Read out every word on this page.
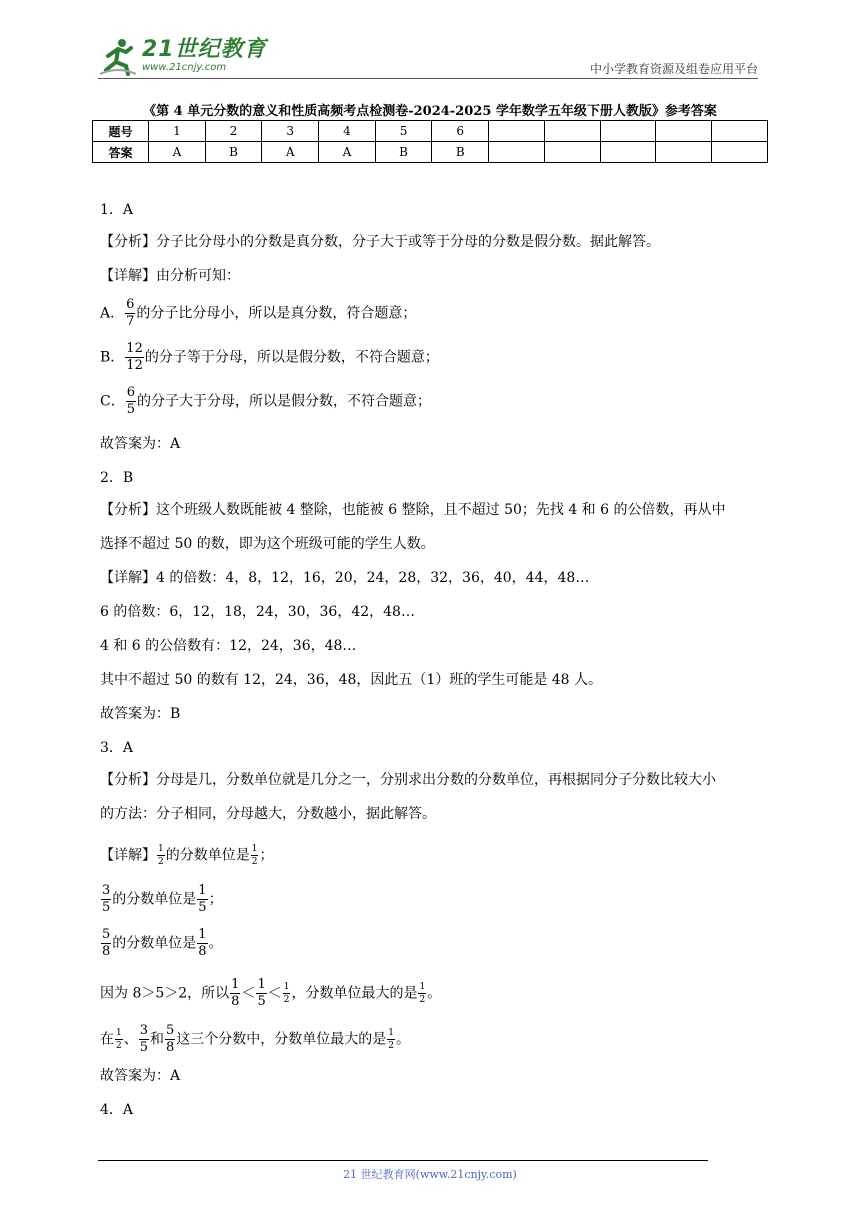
21世纪教育
www.21cnjy.com	中小学教育资源及组卷应用平台
《第 4 单元分数的意义和性质高频考点检测卷-2024-2025 学年数学五年级下册人教版》参考答案
题号	1	2	3	4	5	6					
答案	A	B	A	A	B	B					
1．A
【分析】分子比分母小的分数是真分数，分子大于或等于分母的分数是假分数。据此解答。
【详解】由分析可知：
A． $\frac{6}{7}$ 的分子比分母小，所以是真分数，符合题意；
B． $\frac{12}{12}$ 的分子等于分母，所以是假分数，不符合题意；
C． $\frac{6}{5}$ 的分子大于分母，所以是假分数，不符合题意；
故答案为：A
2．B
【分析】这个班级人数既能被 4 整除，也能被 6 整除，且不超过 50；先找 4 和 6 的公倍数，再从中
选择不超过 50 的数，即为这个班级可能的学生人数。
【详解】4 的倍数：4，8，12，16，20，24，28，32，36，40，44，48…
6 的倍数：6，12，18，24，30，36，42，48…
4 和 6 的公倍数有：12，24，36，48…
其中不超过 50 的数有 12，24，36，48，因此五（1）班的学生可能是 48 人。
故答案为：B
3．A
【分析】分母是几，分数单位就是几分之一，分别求出分数的分数单位，再根据同分子分数比较大小
的方法：分子相同，分母越大，分数越小，据此解答。
【详解】 $\frac{1}{2}$ 的分数单位是 $\frac{1}{2}$ ；
$\frac{3}{5}$ 的分数单位是 $\frac{1}{5}$ ；
$\frac{5}{8}$ 的分数单位是 $\frac{1}{8}$ 。
因为 8＞5＞2，所以 $\frac{1}{8} < \frac{1}{5} < \frac{1}{2}$ ，分数单位最大的是 $\frac{1}{2}$ 。
在 $\frac{1}{2}$ 、 $\frac{3}{5}$ 和 $\frac{5}{8}$ 这三个分数中，分数单位最大的是 $\frac{1}{2}$ 。
故答案为：A
4．A
21 世纪教育网(www.21cnjy.com)
